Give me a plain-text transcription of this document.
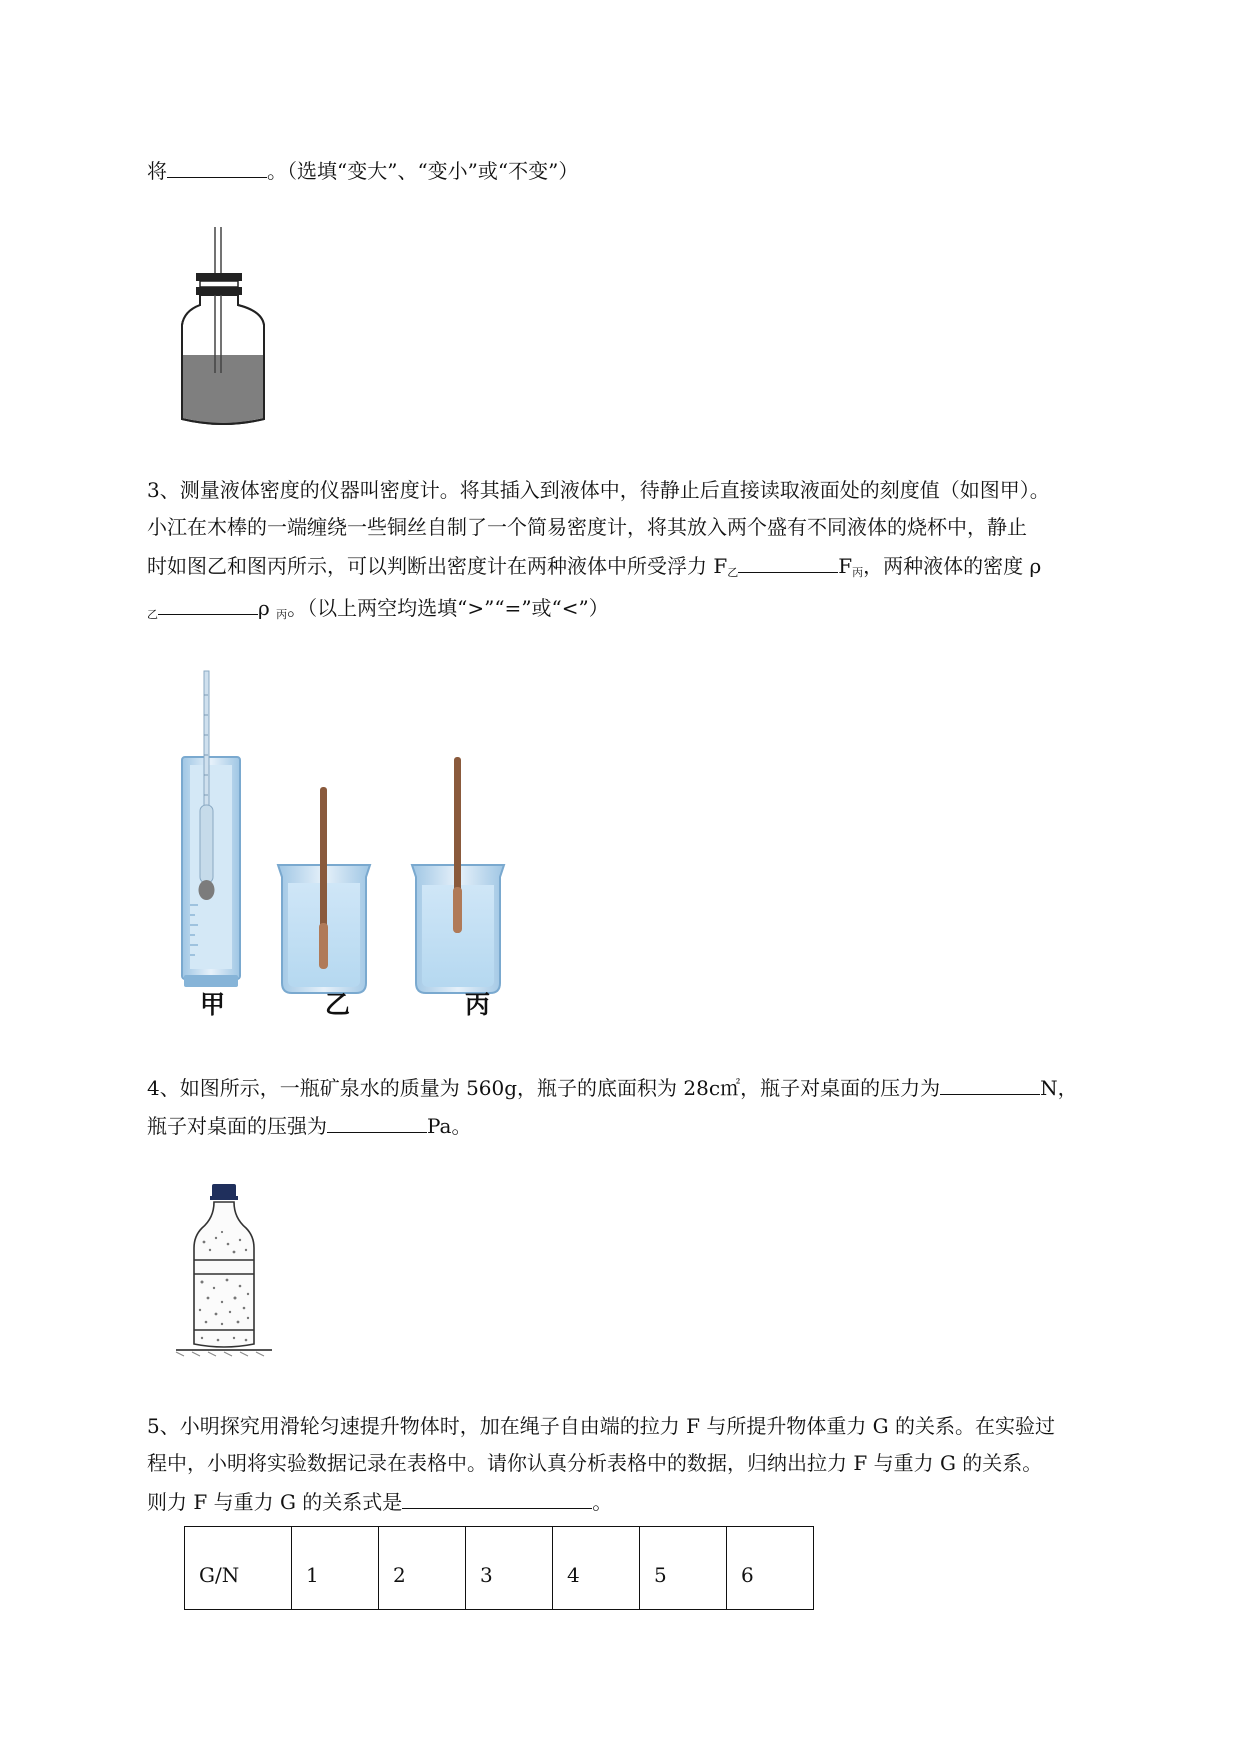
将	。（选填“变大”、“变小”或“不变”）
3、测量液体密度的仪器叫密度计。将其插入到液体中，待静止后直接读取液面处的刻度值（如图甲）。
小江在木棒的一端缠绕一些铜丝自制了一个简易密度计，将其放入两个盛有不同液体的烧杯中，静止
时如图乙和图丙所示，可以判断出密度计在两种液体中所受浮力 $F_乙$	$F_丙$，两种液体的密度 ρ
$_乙$	ρ $_丙$。（以上两空均选填“>”“=”或“<”）
甲	乙	丙
4、如图所示，一瓶矿泉水的质量为 560g，瓶子的底面积为 28c㎡，瓶子对桌面的压力为	N，
瓶子对桌面的压强为	Pa。
5、小明探究用滑轮匀速提升物体时，加在绳子自由端的拉力 F 与所提升物体重力 G 的关系。在实验过
程中，小明将实验数据记录在表格中。请你认真分析表格中的数据，归纳出拉力 F 与重力 G 的关系。
则力 F 与重力 G 的关系式是	。
G/N	1	2	3	4	5	6
